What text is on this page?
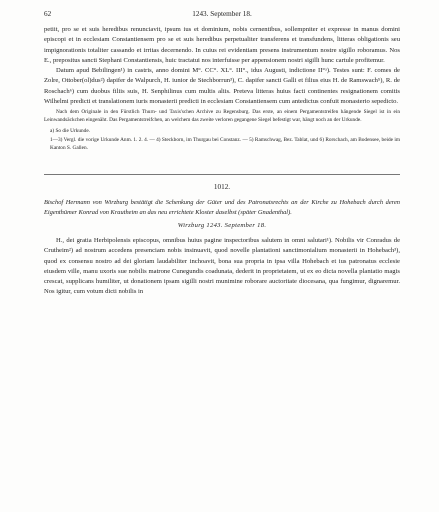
62	1243. September 18.

petiit, pro se et suis heredibus renunciavit, ipsum ius et dominium, nobis cernentibus, sollempniter et expresse in manus domini episcopi et in ecclesiam Constantiensem pro se et suis heredibus perpetualiter transferens et transfundens, litteras obligationis seu impignorationis totaliter cassando et irritas decernendo. In cuius rei evidentiam presens instrumentum nostre sigillo roboramus. Nos E., prepositus sancti Stephani Constantiensis, huic tractatui nos interfuisse per appensionem nostri sigilli hunc cartule profitemur.

Datum apud Bebilingen¹) in castris, anno domini M°. CC°. XL°. III°., idus Augusti, indictione II°ᵃ). Testes sunt: F. comes de Zolre, Ottober(ol)dus²) dapifer de Walpurch, H. iunior de Stechborrun³), C. dapifer sancti Galli et filius eius H. de Ramswach⁵), R. de Roschach⁶) cum duobus filiis suis, H. Senphilinus cum multis aliis. Preteva litteras huius facti continentes resignationem comitis Wilhelmi predicti et translationem iuris monasterii predicti in ecclesiam Constantiensem cum antedictus confuit monasterio sepedicto.

Nach dem Originale in den Fürstlich Thurn- und Taxis'schen Archive zu Regensburg. Das erste, an einem Pergamentstreifen hängende Siegel ist in ein Leinwandsäckchen eingenäht. Das Pergamentstreifchen, an welchem das zweite verloren gegangene Siegel befestigt war, hängt noch an der Urkunde.

a) So die Urkunde.

1—3) Vergl. die vorige Urkunde Anm. 1. 2. 4. — 4) Steckborn, im Thurgau bei Constanz. — 5) Ramschwag, Bez. Tablat, und 6) Rorschach, am Bodensee, beide im Kanton S. Gallen.

1012.

Bischof Hermann von Wirzburg bestätigt die Schenkung der Güter und des Patronatsrechts an der Kirche zu Hohebach durch deren Eigenthümer Konrad von Krautheim an das neu errichtete Kloster daselbst (später Gnadenthal).

Wirzburg 1243. September 18.

H., dei gratia Herbipolensis episcopus, omnibus huius pagine inspectoribus salutem in omni salutari¹). Nobilis vir Conradus de Crutheim²) ad nostrum accedens presenciam nobis insinuavit, quod novelle plantationi sanctimonialium monasterii in Hohebach³), quod ex consensu nostro ad dei gloriam laudabiliter inchoavit, bona sua propria in ipsa villa Hohebach et ius patronatus ecclesie eiusdem ville, manu uxoris sue nobilis matrone Cunegundis coadunata, dederit in proprietatem, ut ex eo dicta novella plantatio magis crescat, supplicans humiliter, ut donationem ipsam sigilli nostri munimine roborare auctoritate diocesana, qua fungimur, dignaremur. Nos igitur, cum votum dicti nobilis in
